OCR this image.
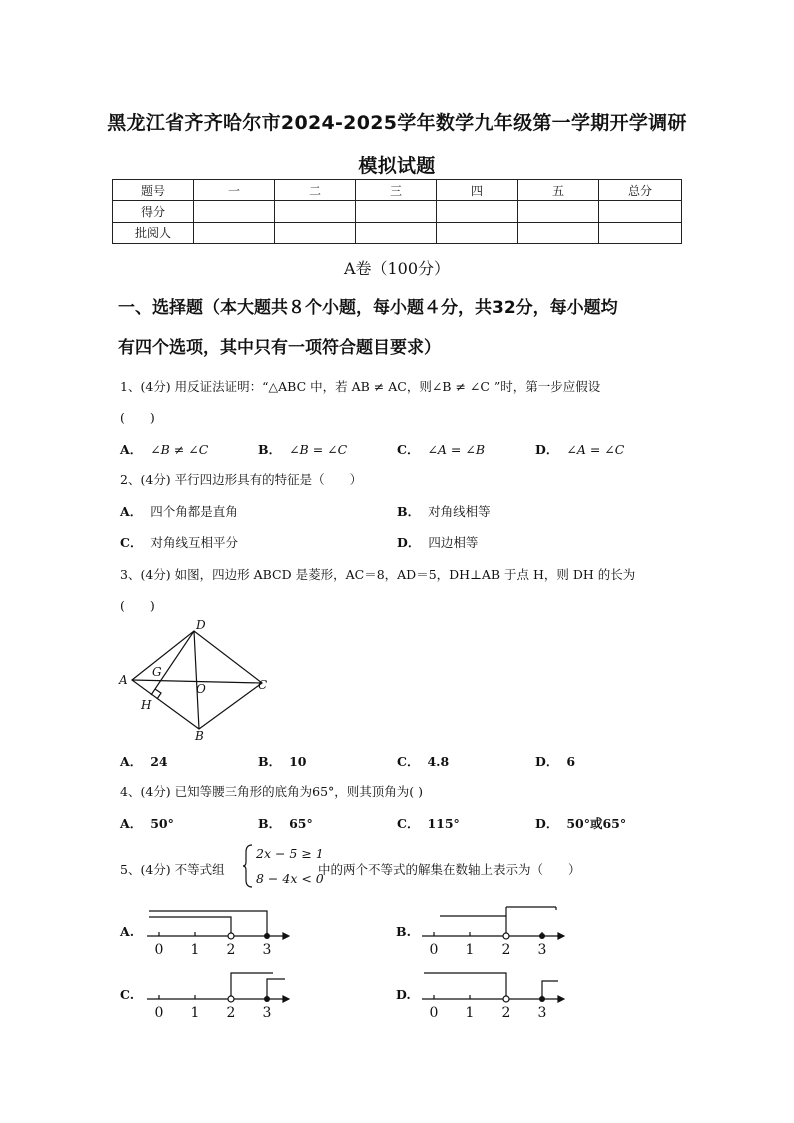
黑龙江省齐齐哈尔市2024-2025学年数学九年级第一学期开学调研
模拟试题
题号	一	二	三	四	五	总分
得分						
批阅人						
A卷（100分）
一、选择题（本大题共８个小题，每小题４分，共32分，每小题均
有四个选项，其中只有一项符合题目要求）
1、(4分) 用反证法证明：“△ABC 中，若 AB ≠ AC，则∠B ≠ ∠C ”时，第一步应假设
(　　)
A． ∠B ≠ ∠C	B． ∠B = ∠C	C． ∠A = ∠B	D． ∠A = ∠C
2、(4分) 平行四边形具有的特征是（　　）
A． 四个角都是直角	B． 对角线相等
C． 对角线互相平分	D． 四边相等
3、(4分) 如图，四边形 ABCD 是菱形，AC＝8，AD＝5，DH⊥AB 于点 H，则 DH 的长为
(　　)
A
D
C
B
G
H
O
A． 24	B． 10	C． 4.8	D． 6
4、(4分) 已知等腰三角形的底角为65°，则其顶角为( )
A． 50°	B． 65°	C． 115°	D． 50°或65°
5、(4分) 不等式组
2x − 5 ≥ 1
8 − 4x < 0
中的两个不等式的解集在数轴上表示为（　　）
A.
0 1 2 3
B.
0 1 2 3
C.
0 1 2 3
D.
0 1 2 3
